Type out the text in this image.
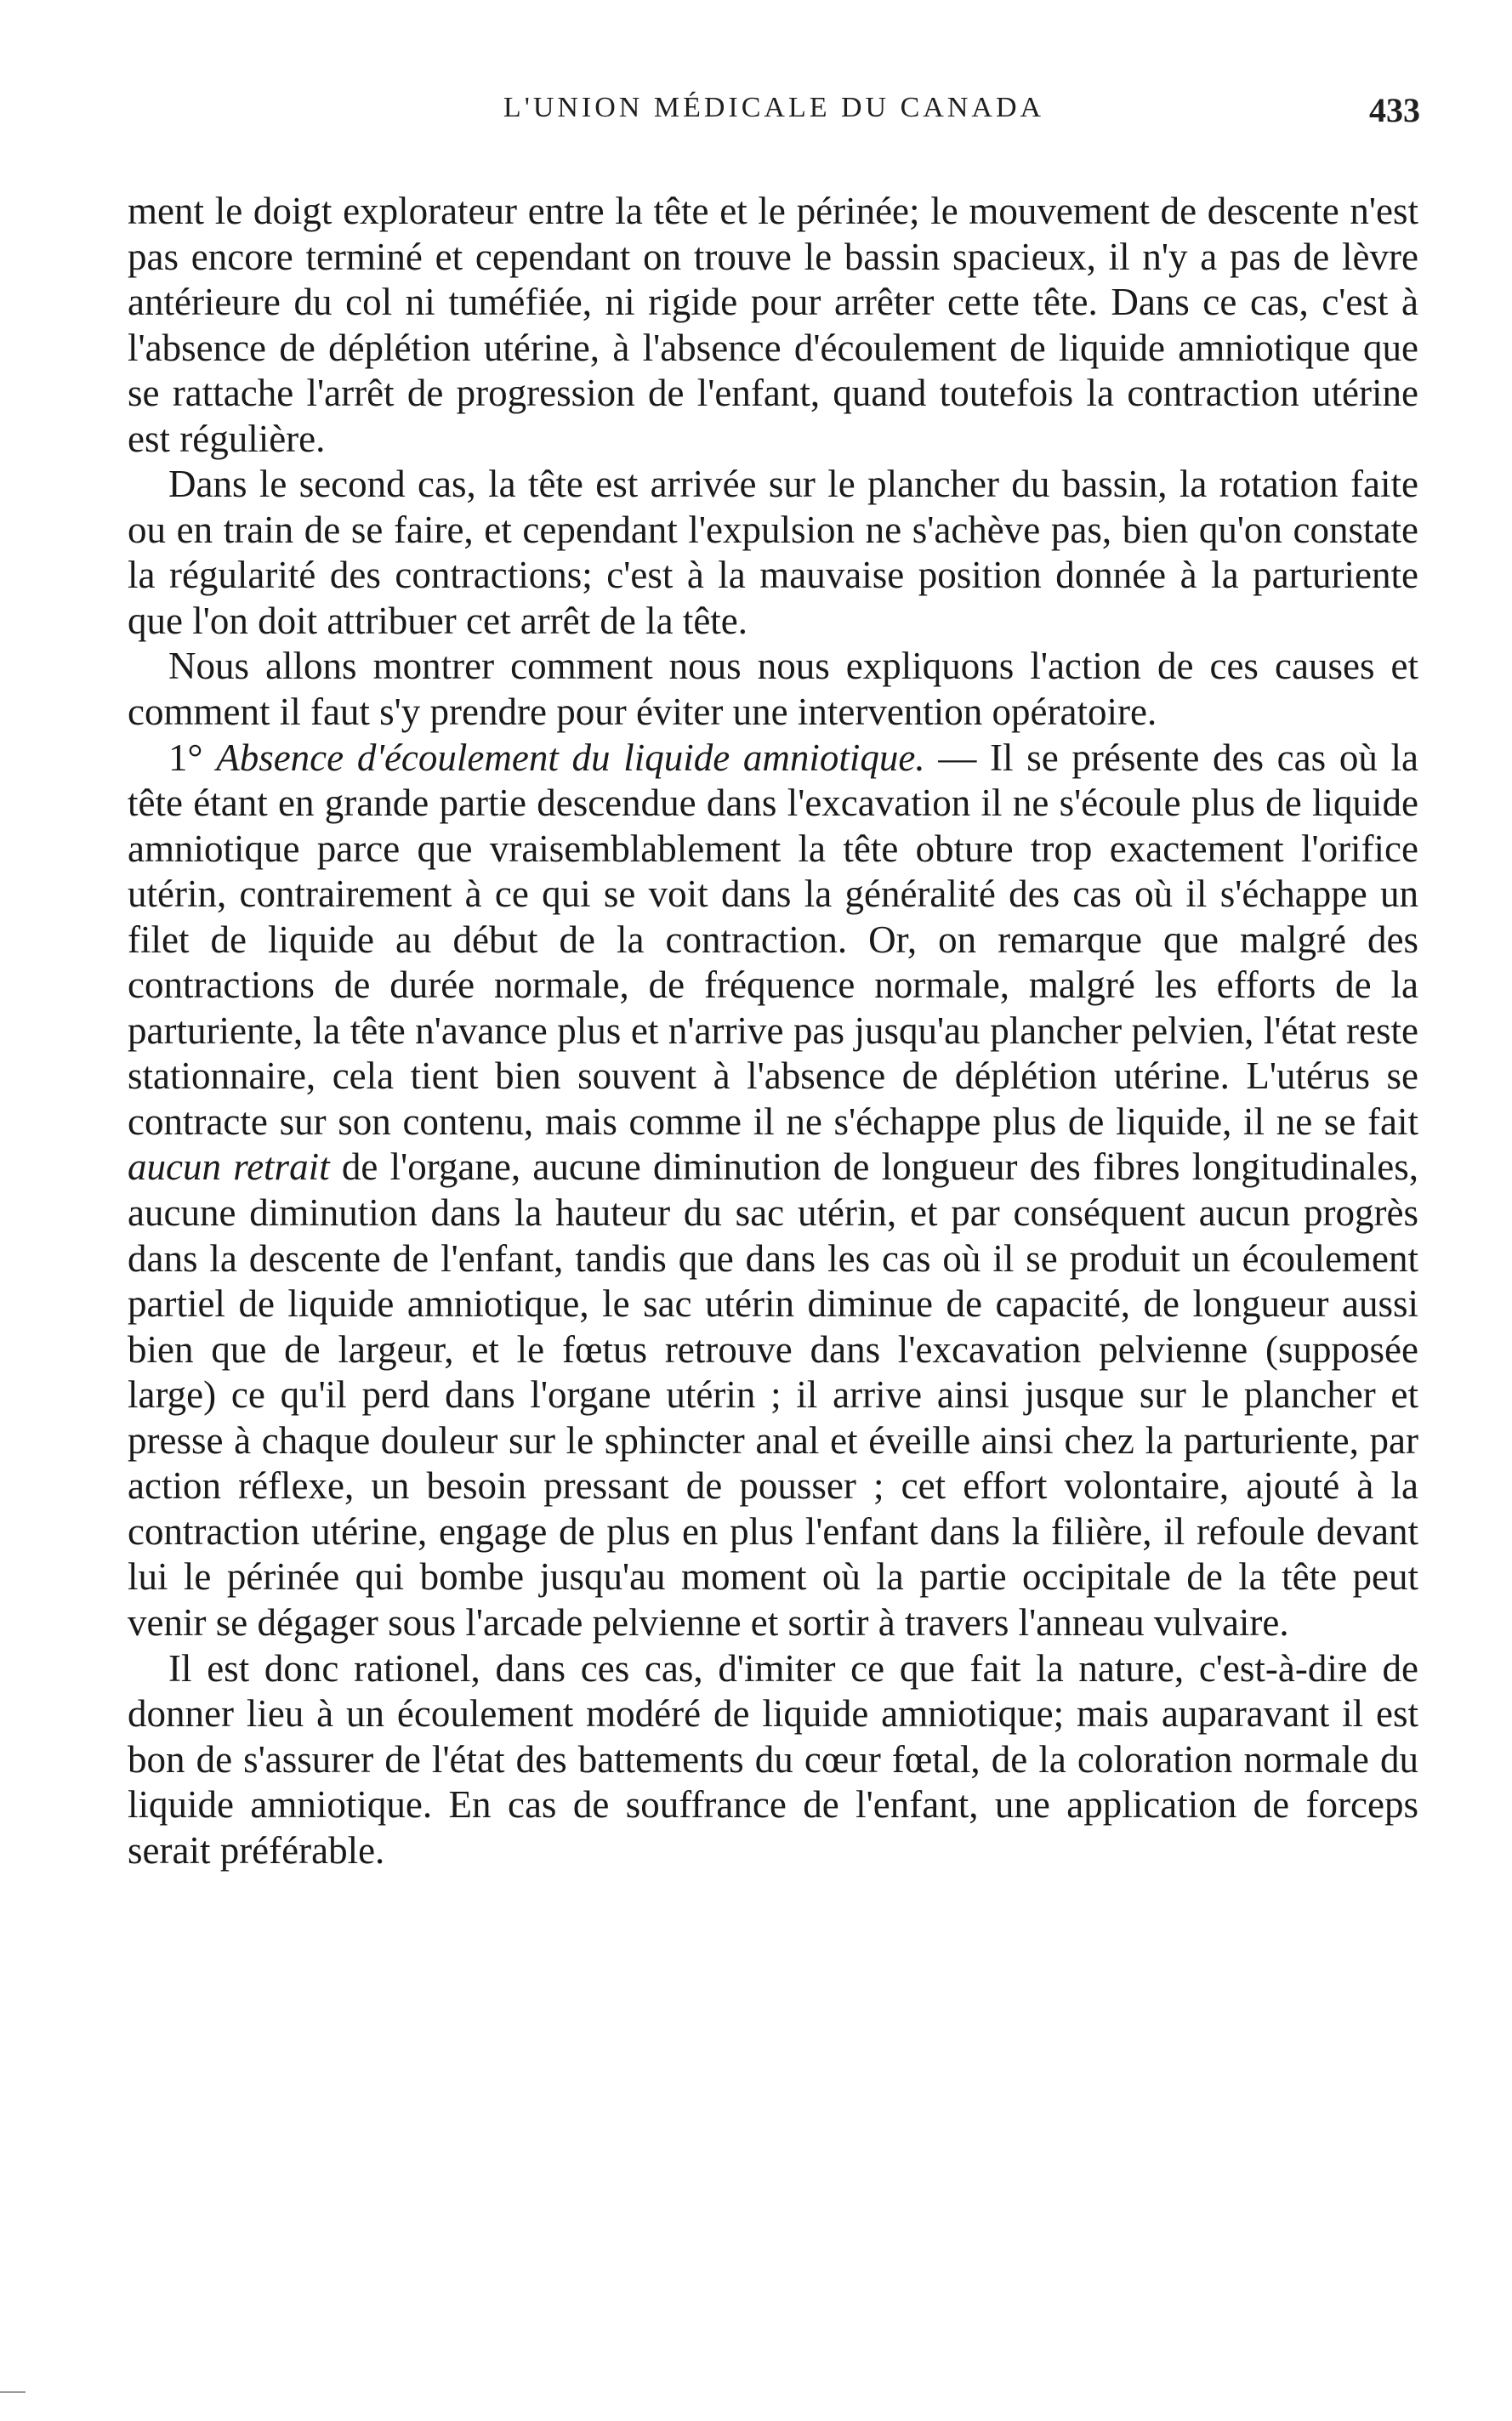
L'UNION MÉDICALE DU CANADA	433

ment le doigt explorateur entre la tête et le périnée; le mouvement de descente n'est pas encore terminé et cependant on trouve le bassin spacieux, il n'y a pas de lèvre antérieure du col ni tuméfiée, ni rigide pour arrêter cette tête. Dans ce cas, c'est à l'absence de déplétion utérine, à l'absence d'écoulement de liquide amniotique que se rattache l'arrêt de progression de l'enfant, quand toutefois la contraction utérine est régulière.

Dans le second cas, la tête est arrivée sur le plancher du bassin, la rotation faite ou en train de se faire, et cependant l'expulsion ne s'achève pas, bien qu'on constate la régularité des contractions; c'est à la mauvaise position donnée à la parturiente que l'on doit attribuer cet arrêt de la tête.

Nous allons montrer comment nous nous expliquons l'action de ces causes et comment il faut s'y prendre pour éviter une intervention opératoire.

1° Absence d'écoulement du liquide amniotique. — Il se présente des cas où la tête étant en grande partie descendue dans l'excavation il ne s'écoule plus de liquide amniotique parce que vraisemblablement la tête obture trop exactement l'orifice utérin, contrairement à ce qui se voit dans la généralité des cas où il s'échappe un filet de liquide au début de la contraction. Or, on remarque que malgré des contractions de durée normale, de fréquence normale, malgré les efforts de la parturiente, la tête n'avance plus et n'arrive pas jusqu'au plancher pelvien, l'état reste stationnaire, cela tient bien souvent à l'absence de déplétion utérine. L'utérus se contracte sur son contenu, mais comme il ne s'échappe plus de liquide, il ne se fait aucun retrait de l'organe, aucune diminution de longueur des fibres longitudinales, aucune diminution dans la hauteur du sac utérin, et par conséquent aucun progrès dans la descente de l'enfant, tandis que dans les cas où il se produit un écoulement partiel de liquide amniotique, le sac utérin diminue de capacité, de longueur aussi bien que de largeur, et le fœtus retrouve dans l'excavation pelvienne (supposée large) ce qu'il perd dans l'organe utérin ; il arrive ainsi jusque sur le plancher et presse à chaque douleur sur le sphincter anal et éveille ainsi chez la parturiente, par action réflexe, un besoin pressant de pousser ; cet effort volontaire, ajouté à la contraction utérine, engage de plus en plus l'enfant dans la filière, il refoule devant lui le périnée qui bombe jusqu'au moment où la partie occipitale de la tête peut venir se dégager sous l'arcade pelvienne et sortir à travers l'anneau vulvaire.

Il est donc rationel, dans ces cas, d'imiter ce que fait la nature, c'est-à-dire de donner lieu à un écoulement modéré de liquide amniotique; mais auparavant il est bon de s'assurer de l'état des battements du cœur fœtal, de la coloration normale du liquide amniotique. En cas de souffrance de l'enfant, une application de forceps serait préférable.
